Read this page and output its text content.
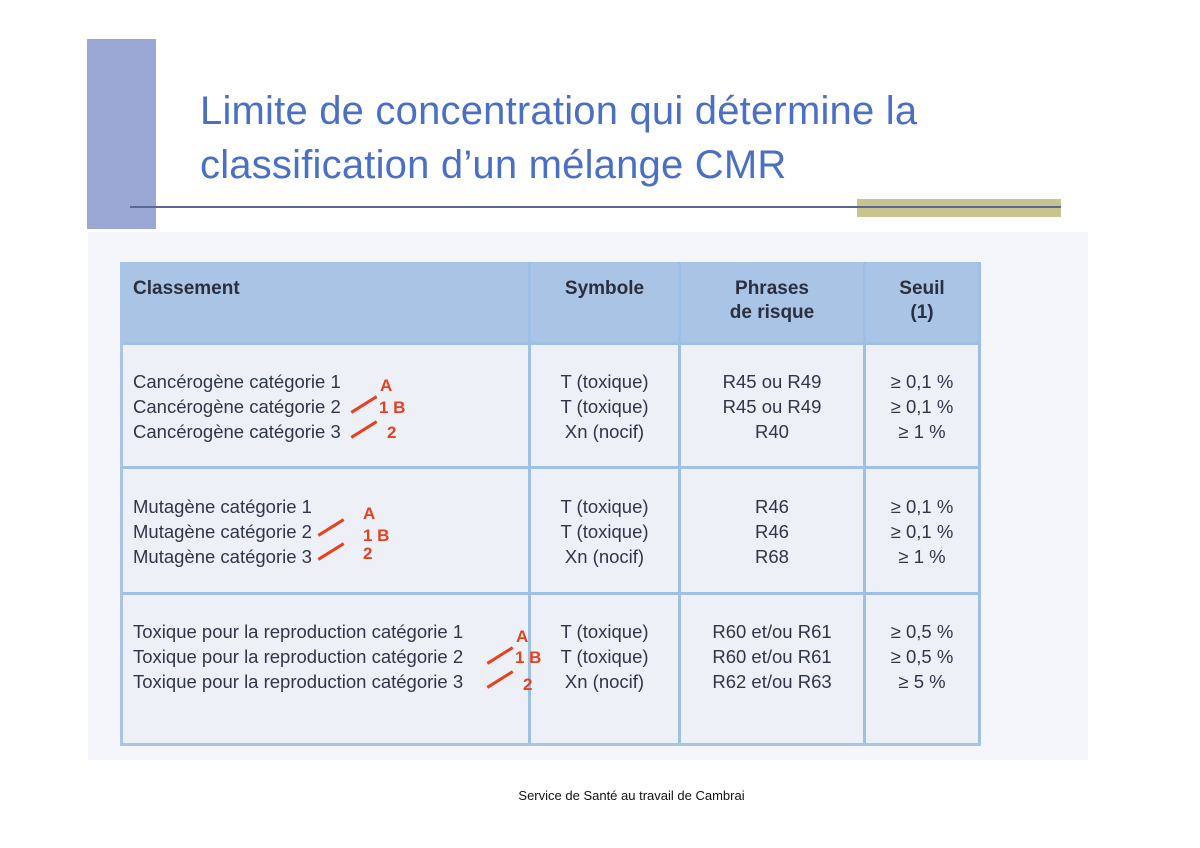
Limite de concentration qui détermine la
classification d’un mélange CMR
Classement	Symbole	Phrases
de risque
Seuil
(1)
Cancérogène catégorie 1
Cancérogène catégorie 2
Cancérogène catégorie 3
T (toxique)
T (toxique)
Xn (nocif)
R45 ou R49
R45 ou R49
R40
≥ 0,1 %
≥ 0,1 %
≥ 1 %
Mutagène catégorie 1
Mutagène catégorie 2
Mutagène catégorie 3
T (toxique)
T (toxique)
Xn (nocif)
R46
R46
R68
≥ 0,1 %
≥ 0,1 %
≥ 1 %
Toxique pour la reproduction catégorie 1
Toxique pour la reproduction catégorie 2
Toxique pour la reproduction catégorie 3
T (toxique)
T (toxique)
Xn (nocif)
R60 et/ou R61
R60 et/ou R61
R62 et/ou R63
≥ 0,5 %
≥ 0,5 %
≥ 5 %
A
1 B
2
A
1 B
2
A
1 B
2
Service de Santé au travail de Cambrai
